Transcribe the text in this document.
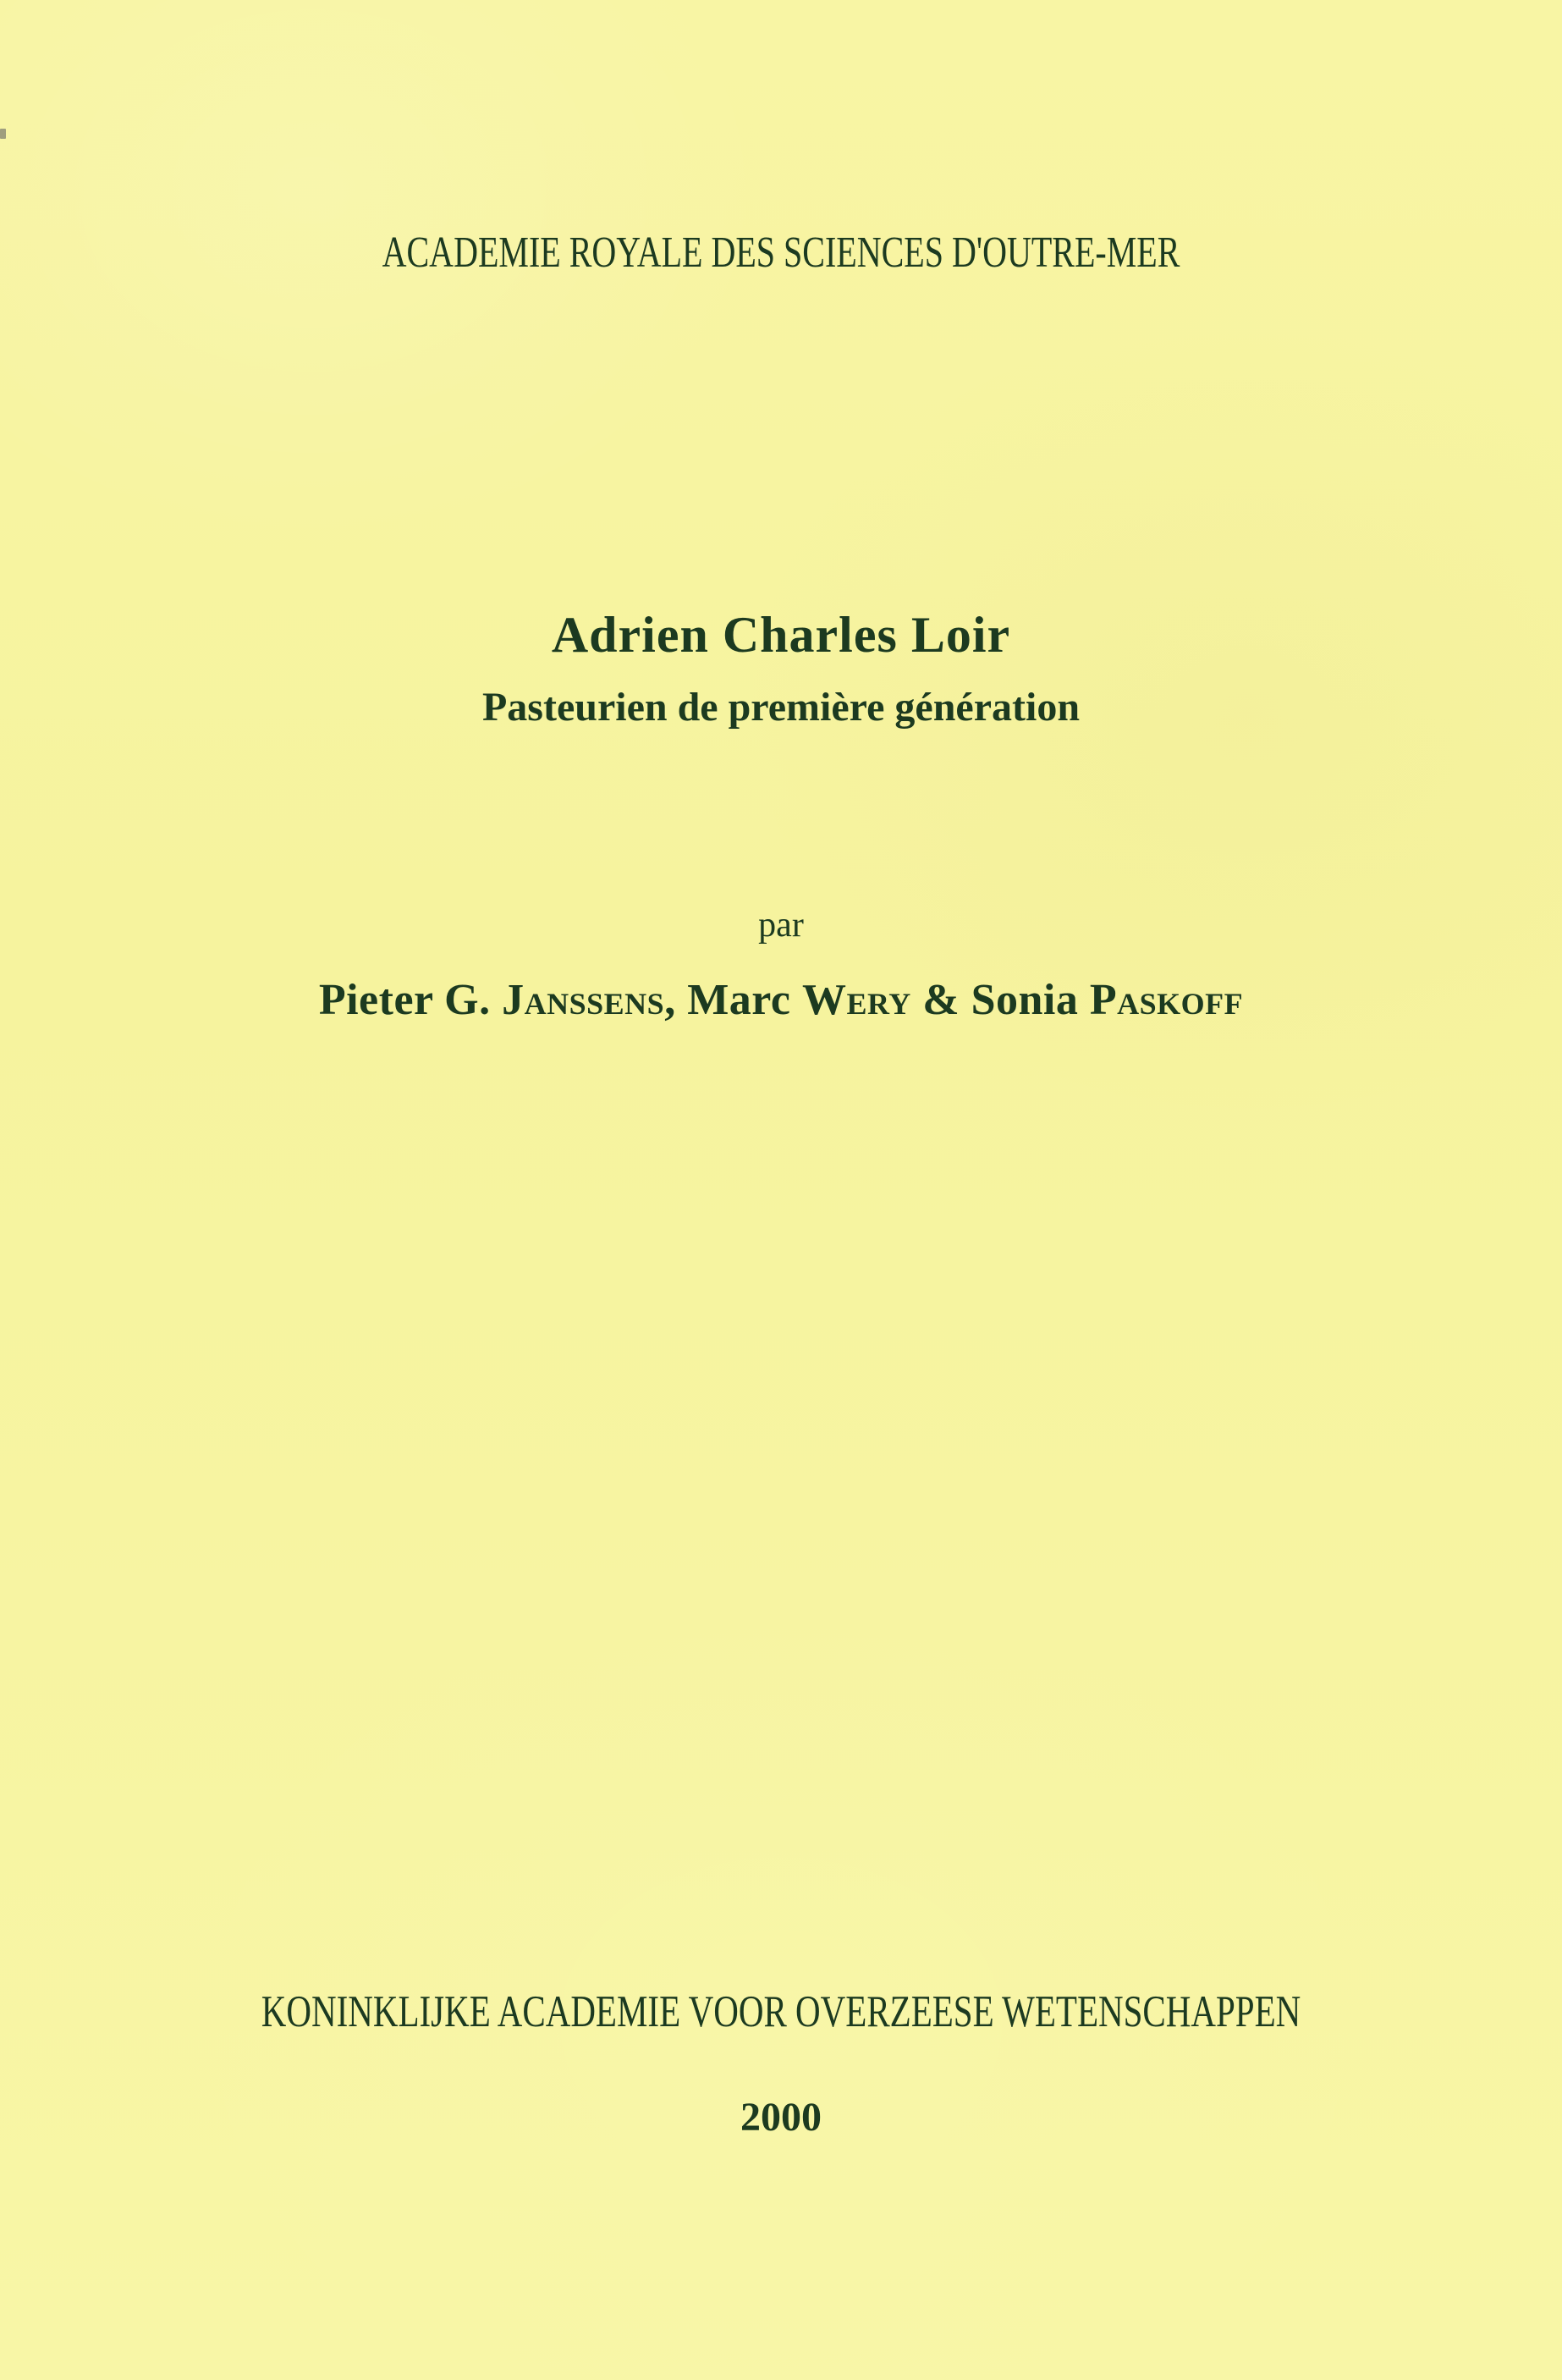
ACADEMIE ROYALE DES SCIENCES D'OUTRE-MER
Adrien Charles Loir
Pasteurien de première génération
par
Pieter G. Janssens, Marc Wery & Sonia Paskoff
KONINKLIJKE ACADEMIE VOOR OVERZEESE WETENSCHAPPEN
2000
